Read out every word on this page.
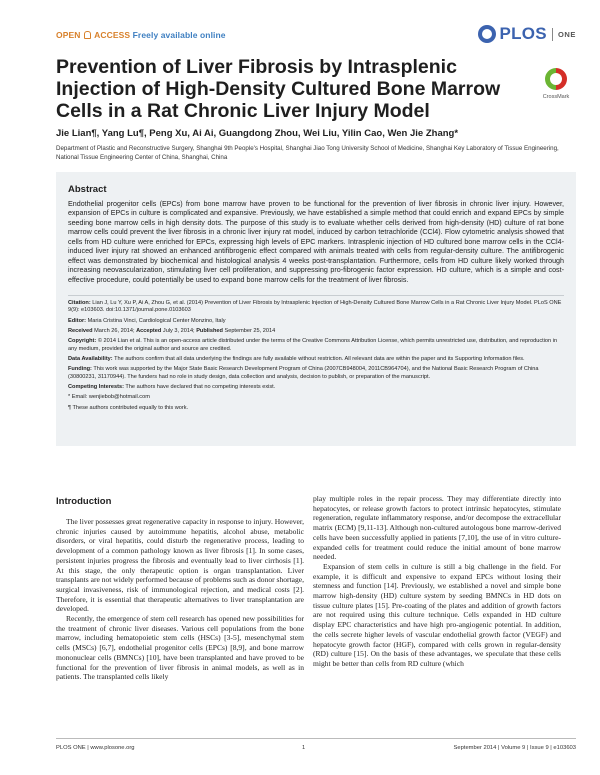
OPEN ACCESS Freely available online	PLOS ONE
Prevention of Liver Fibrosis by Intrasplenic Injection of High-Density Cultured Bone Marrow Cells in a Rat Chronic Liver Injury Model
CrossMark
Jie Lian¶, Yang Lu¶, Peng Xu, Ai Ai, Guangdong Zhou, Wei Liu, Yilin Cao, Wen Jie Zhang*
Department of Plastic and Reconstructive Surgery, Shanghai 9th People's Hospital, Shanghai Jiao Tong University School of Medicine, Shanghai Key Laboratory of Tissue Engineering, National Tissue Engineering Center of China, Shanghai, China
Abstract
Endothelial progenitor cells (EPCs) from bone marrow have proven to be functional for the prevention of liver fibrosis in chronic liver injury. However, expansion of EPCs in culture is complicated and expansive. Previously, we have established a simple method that could enrich and expand EPCs by simple seeding bone marrow cells in high density dots. The purpose of this study is to evaluate whether cells derived from high-density (HD) culture of rat bone marrow cells could prevent the liver fibrosis in a chronic liver injury rat model, induced by carbon tetrachloride (CCl4). Flow cytometric analysis showed that cells from HD culture were enriched for EPCs, expressing high levels of EPC markers. Intrasplenic injection of HD cultured bone marrow cells in the CCl4-induced liver injury rat showed an enhanced antifibrogenic effect compared with animals treated with cells from regular-density culture. The antifibrogenic effect was demonstrated by biochemical and histological analysis 4 weeks post-transplantation. Furthermore, cells from HD culture likely worked through increasing neovascularization, stimulating liver cell proliferation, and suppressing pro-fibrogenic factor expression. HD culture, which is a simple and cost-effective procedure, could potentially be used to expand bone marrow cells for the treatment of liver fibrosis.

Citation: Lian J, Lu Y, Xu P, Ai A, Zhou G, et al. (2014) Prevention of Liver Fibrosis by Intrasplenic Injection of High-Density Cultured Bone Marrow Cells in a Rat Chronic Liver Injury Model. PLoS ONE 9(9): e103603. doi:10.1371/journal.pone.0103603

Editor: Maria Cristina Vinci, Cardiological Center Monzino, Italy

Received March 26, 2014; Accepted July 3, 2014; Published September 25, 2014

Copyright: © 2014 Lian et al. This is an open-access article distributed under the terms of the Creative Commons Attribution License, which permits unrestricted use, distribution, and reproduction in any medium, provided the original author and source are credited.

Data Availability: The authors confirm that all data underlying the findings are fully available without restriction. All relevant data are within the paper and its Supporting Information files.

Funding: This work was supported by the Major State Basic Research Development Program of China (2007CB948004, 2011CB964704), and the National Basic Research Program of China (30800231, 31170944). The funders had no role in study design, data collection and analysis, decision to publish, or preparation of the manuscript.

Competing Interests: The authors have declared that no competing interests exist.

* Email: wenjiebob@hotmail.com

¶ These authors contributed equally to this work.

Introduction

The liver possesses great regenerative capacity in response to injury. However, chronic injuries caused by autoimmune hepatitis, alcohol abuse, metabolic disorders, or viral hepatitis, could disturb the regenerative process, leading to development of a common pathology known as liver fibrosis [1]. In some cases, persistent injuries progress the fibrosis and eventually lead to liver cirrhosis [1]. At this stage, the only therapeutic option is organ transplantation. Liver transplants are not widely performed because of problems such as donor shortage, surgical invasiveness, risk of immunological rejection, and medical costs [2]. Therefore, it is essential that therapeutic alternatives to liver transplantation are developed.

Recently, the emergence of stem cell research has opened new possibilities for the treatment of chronic liver diseases. Various cell populations from the bone marrow, including hematopoietic stem cells (HSCs) [3-5], mesenchymal stem cells (MSCs) [6,7], endothelial progenitor cells (EPCs) [8,9], and bone marrow mononuclear cells (BMNCs) [10], have been transplanted and have proved to be functional for the prevention of liver fibrosis in animal models, as well as in patients. The transplanted cells likely

play multiple roles in the repair process. They may differentiate directly into hepatocytes, or release growth factors to protect intrinsic hepatocytes, stimulate regeneration, regulate inflammatory response, and/or decompose the extracellular matrix (ECM) [9,11-13]. Although non-cultured autologous bone marrow-derived cells have been successfully applied in patients [7,10], the use of in vitro culture-expanded cells for treatment could reduce the initial amount of bone marrow needed.

Expansion of stem cells in culture is still a big challenge in the field. For example, it is difficult and expensive to expand EPCs without losing their stemness and function [14]. Previously, we established a novel and simple bone marrow high-density (HD) culture system by seeding BMNCs in HD dots on tissue culture plates [15]. Pre-coating of the plates and addition of growth factors are not required using this culture technique. Cells expanded in HD culture display EPC characteristics and have high pro-angiogenic potential. In addition, the cells secrete higher levels of vascular endothelial growth factor (VEGF) and hepatocyte growth factor (HGF), compared with cells grown in regular-density (RD) culture [15]. On the basis of these advantages, we speculate that these cells might be better than cells from RD culture (which

PLOS ONE | www.plosone.org	1	September 2014 | Volume 9 | Issue 9 | e103603
